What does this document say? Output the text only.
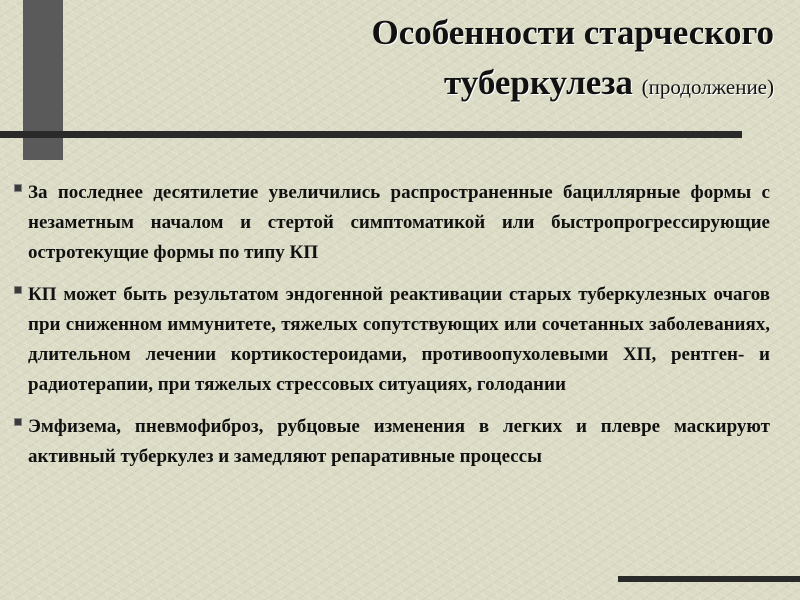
Особенности старческого
туберкулеза (продолжение)
За последнее десятилетие увеличились распространенные бациллярные формы с незаметным началом и стертой симптоматикой или быстропрогрессирующие остротекущие формы по типу КП
КП может быть результатом эндогенной реактивации старых туберкулезных очагов при сниженном иммунитете, тяжелых сопутствующих или сочетанных заболеваниях, длительном лечении кортикостероидами, противоопухолевыми ХП, рентген- и радиотерапии, при тяжелых стрессовых ситуациях, голодании
Эмфизема, пневмофиброз, рубцовые изменения в легких и плевре маскируют активный туберкулез и замедляют репаративные процессы
